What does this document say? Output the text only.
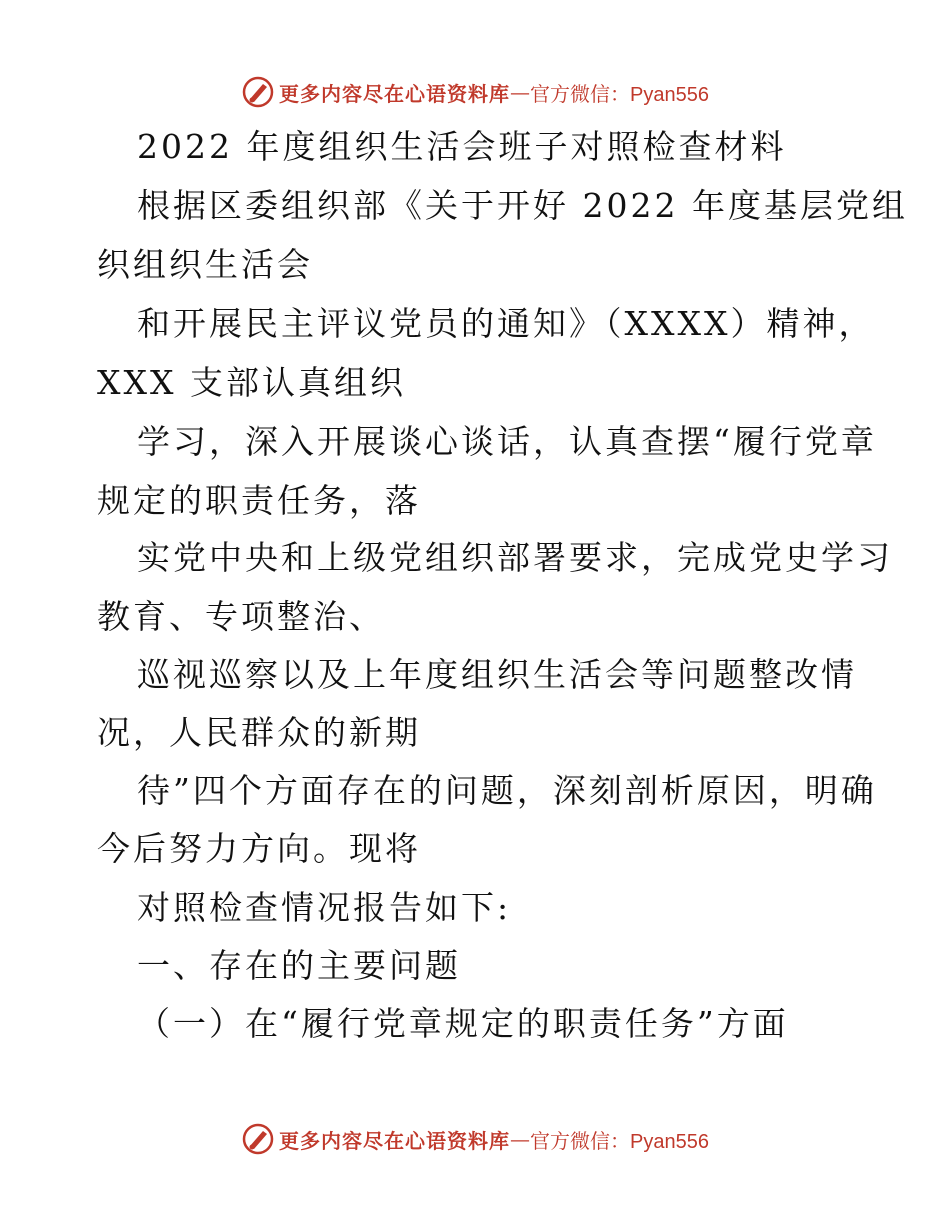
更多内容尽在心语资料库 — 官方微信：Pyan556
2022 年度组织生活会班子对照检查材料
根据区委组织部《关于开好 2022 年度基层党组
织组织生活会
和开展民主评议党员的通知》（XXXX）精神，
XXX 支部认真组织
学习，深入开展谈心谈话，认真查摆“履行党章
规定的职责任务，落
实党中央和上级党组织部署要求，完成党史学习
教育、专项整治、
巡视巡察以及上年度组织生活会等问题整改情
况，人民群众的新期
待”四个方面存在的问题，深刻剖析原因，明确
今后努力方向。现将
对照检查情况报告如下:
一、存在的主要问题
（一）在“履行党章规定的职责任务”方面
更多内容尽在心语资料库 — 官方微信：Pyan556
